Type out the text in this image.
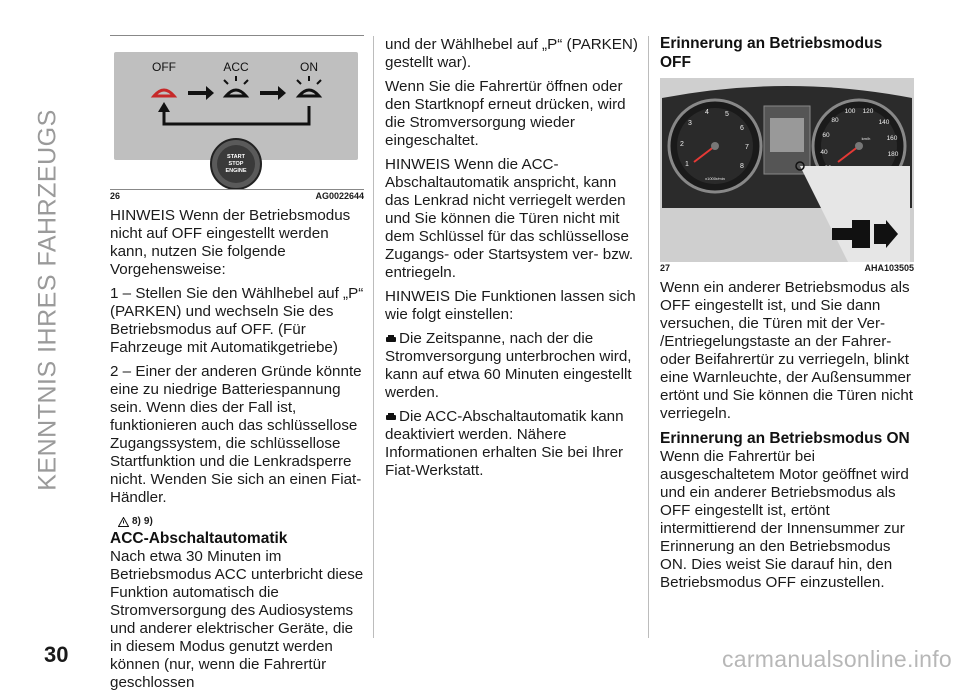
KENNTNIS IHRES FAHRZEUGS
OFF	ACC	ON
START
STOP
ENGINE
26	AG0022644

HINWEIS Wenn der Betriebsmodus nicht auf OFF eingestellt werden kann, nutzen Sie folgende Vorgehensweise:

1 – Stellen Sie den Wählhebel auf „P“ (PARKEN) und wechseln Sie des Betriebsmodus auf OFF. (Für Fahrzeuge mit Automatikgetriebe)

2 – Einer der anderen Gründe könnte eine zu niedrige Batteriespannung sein. Wenn dies der Fall ist, funktionieren auch das schlüssellose Zugangssystem, die schlüssellose Startfunktion und die Lenkradsperre nicht. Wenden Sie sich an einen Fiat-Händler.

8) 9)
ACC-Abschaltautomatik

Nach etwa 30 Minuten im Betriebsmodus ACC unterbricht diese Funktion automatisch die Stromversorgung des Audiosystems und anderer elektrischer Geräte, die in diesem Modus genutzt werden können (nur, wenn die Fahrertür geschlossen

und der Wählhebel auf „P“ (PARKEN) gestellt war).

Wenn Sie die Fahrertür öffnen oder den Startknopf erneut drücken, wird die Stromversorgung wieder eingeschaltet.

HINWEIS Wenn die ACC-Abschaltautomatik anspricht, kann das Lenkrad nicht verriegelt werden und Sie können die Türen nicht mit dem Schlüssel für das schlüssellose Zugangs- oder Startsystem ver- bzw. entriegeln.

HINWEIS Die Funktionen lassen sich wie folgt einstellen:

Die Zeitspanne, nach der die Stromversorgung unterbrochen wird, kann auf etwa 60 Minuten eingestellt werden.

Die ACC-Abschaltautomatik kann deaktiviert werden. Nähere Informationen erhalten Sie bei Ihrer Fiat-Werkstatt.

Erinnerung an Betriebsmodus OFF
1
2
3
4 5
6
7
8
x1000r/min
40
60
80
100 120
140
160
180
km/h
27	AHA103505

Wenn ein anderer Betriebsmodus als OFF eingestellt ist, und Sie dann versuchen, die Türen mit der Ver- /Entriegelungstaste an der Fahrer- oder Beifahrertür zu verriegeln, blinkt eine Warnleuchte, der Außensummer ertönt und Sie können die Türen nicht verriegeln.

Erinnerung an Betriebsmodus ON

Wenn die Fahrertür bei ausgeschaltetem Motor geöffnet wird und ein anderer Betriebsmodus als OFF eingestellt ist, ertönt intermittierend der Innensummer zur Erinnerung an den Betriebsmodus ON. Dies weist Sie darauf hin, den Betriebsmodus OFF einzustellen.

30	carmanualsonline.info
